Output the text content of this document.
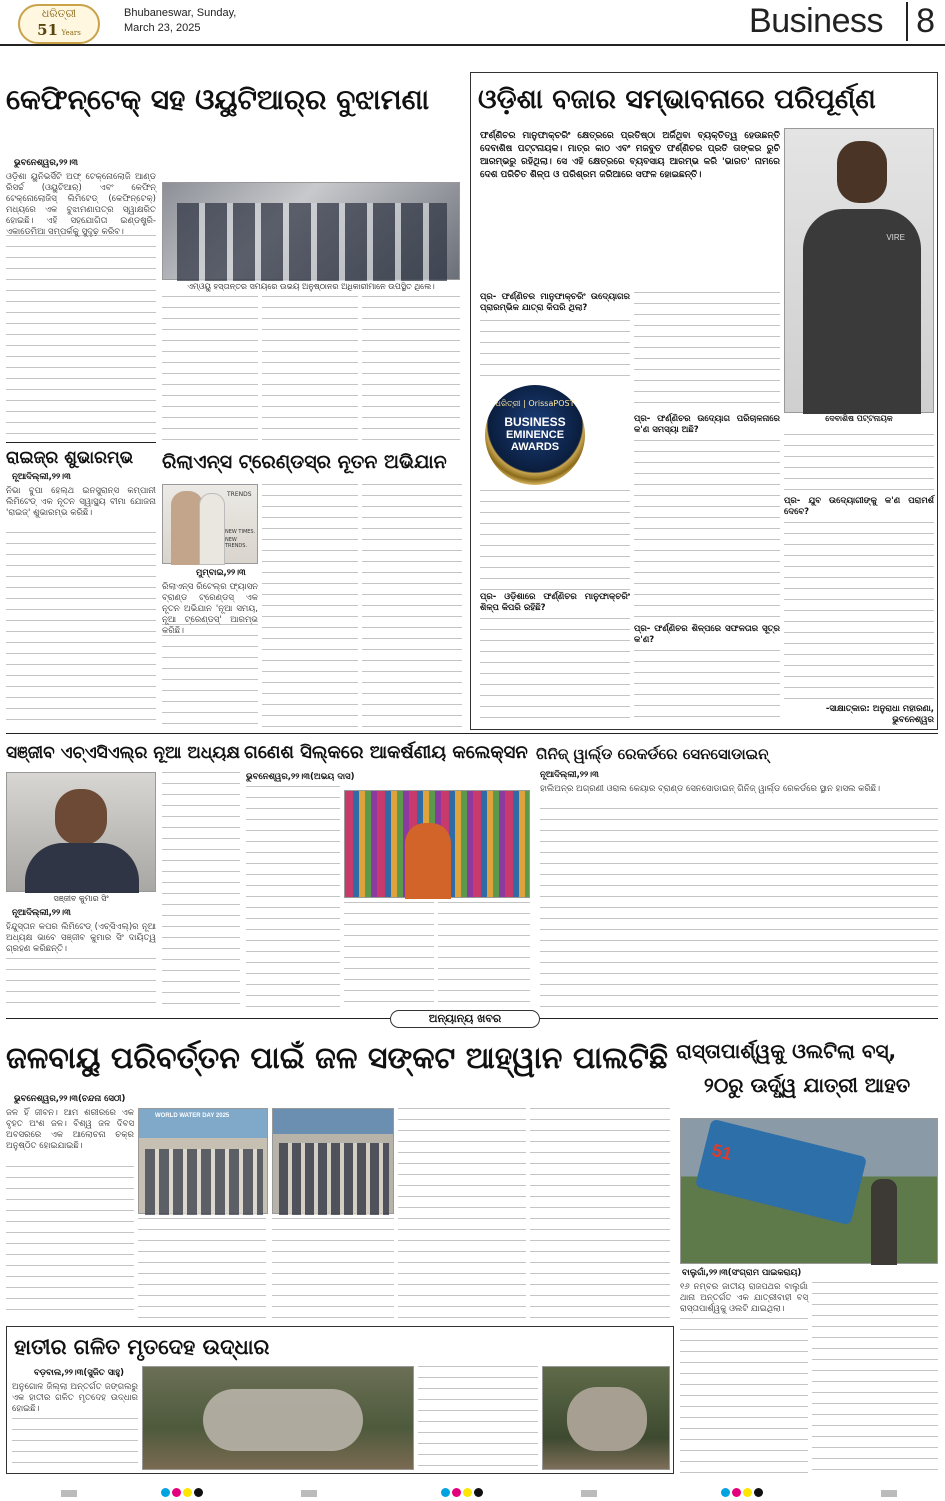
ଧରିତ୍ରୀ
51 Years
Bhubaneswar, Sunday,
March 23, 2025	Business 8
କେଫିନ୍‌ଟେକ୍‌ ସହ ଓୟୁଟିଆର୍‌ର ବୁଝାମଣା
ଭୁବନେଶ୍ୱର,୨୨।୩
ଓଡ଼ିଶା ୟୁନିଭର୍ସିଟି ଅଫ୍‌ ଟେକ୍ନୋଲୋଜି ଆଣ୍ଡ ରିସର୍ଚ୍ଚ (ଓୟୁଟିଆର୍‌) ଏବଂ କେଫିନ୍‌ ଟେକ୍ନୋଲୋଜିସ୍‌ ଲିମିଟେଡ୍‌ (କେଫିନ୍‌ଟେକ୍‌) ମଧ୍ୟରେ ଏକ ବୁଝାମଣାପତ୍ର ସ୍ୱାକ୍ଷରିତ ହୋଇଛି। ଏହି ସହଯୋଗିତା ଇଣ୍ଡଷ୍ଟ୍ରି-ଏକାଡେମିଆ ସମ୍ପର୍କକୁ ସୁଦୃଢ଼ କରିବ।
ଏମ୍‌ଓୟୁ ହସ୍ତାନ୍ତର ସମୟରେ ଉଭୟ ଅନୁଷ୍ଠାନର ଅଧିକାରୀମାନେ ଉପସ୍ଥିତ ଥିଲେ।
ଓଡ଼ିଶା ବଜାର ସମ୍ଭାବନାରେ ପରିପୂର୍ଣ୍ଣ
ଫର୍ଣ୍ଣିଚର ମାନୁଫାକ୍ଚରିଂ କ୍ଷେତ୍ରରେ ପ୍ରତିଷ୍ଠା ଅର୍ଜିଥିବା ବ୍ୟକ୍ତିତ୍ୱ ହେଉଛନ୍ତି ଦେବାଶିଷ ପଟ୍ଟନାୟକ। ମାତ୍ର କାଠ ଏବଂ ମଜବୁତ ଫର୍ଣ୍ଣିଚର ପ୍ରତି ତାଙ୍କର ରୁଚି ଆରମ୍ଭରୁ ରହିଥିଲା। ସେ ଏହି କ୍ଷେତ୍ରରେ ବ୍ୟବସାୟ ଆରମ୍ଭ କରି 'ଭାରତ' ନାମରେ ଦେଶ ପରିଚିତ ଶିଳ୍ପ ଓ ପରିଶ୍ରମ ଜରିଆରେ ସଫଳ ହୋଇଛନ୍ତି।
VIRE
ଦେବାଶିଷ ପଟ୍ଟନାୟକ
ପ୍ର- ଫର୍ଣ୍ଣିଚର ମାନୁଫାକ୍ଚରିଂ ଉଦ୍ୟୋଗର ପ୍ରାରମ୍ଭିକ ଯାତ୍ରା କିପରି ଥିଲା?
ଧରିତ୍ରୀ | OrissaPOST
BUSINESS
EMINENCE
AWARDS
ପ୍ର- ଫର୍ଣ୍ଣିଚର ଉଦ୍ୟୋଗ ପରିଚାଳନାରେ କ'ଣ ସମସ୍ୟା ଅଛି?
ପ୍ର- ଓଡ଼ିଶାରେ ଫର୍ଣ୍ଣିଚର ମାନୁଫାକ୍ଚରିଂ ଶିଳ୍ପ କିପରି ରହିଛି?
ପ୍ର- ଫର୍ଣ୍ଣିଚର ଶିଳ୍ପରେ ସଫଳତାର ସୂତ୍ର କ'ଣ?
ପ୍ର- ଯୁବ ଉଦ୍ୟୋଗୀଙ୍କୁ କ'ଣ ପରାମର୍ଶ ଦେବେ?
-ସାକ୍ଷାତ୍‌କାର: ଅନୁରାଧା ମହାରଣା, ଭୁବନେଶ୍ୱର
ରାଇଜ୍‌ର ଶୁଭାରମ୍ଭ
ନୂଆଦିଲ୍ଲୀ,୨୨।୩
ନିଭା ବୁପା ହେଲ୍‌ଥ ଇନସୁରାନ୍ସ କମ୍ପାନୀ ଲିମିଟେଡ୍‌ ଏକ ନୂତନ ସ୍ୱାସ୍ଥ୍ୟ ବୀମା ଯୋଜନା 'ରାଇଜ୍‌' ଶୁଭାରମ୍ଭ କରିଛି।
ରିଲାଏନ୍ସ ଟ୍ରେଣ୍ଡସ୍‌ର ନୂତନ ଅଭିଯାନ
TRENDS
NEW TIMES.
NEW TRENDS.
ମୁମ୍ବାଇ,୨୨।୩
ରିଲାଏନ୍ସ ରିଟେଲ୍‌ର ଫ୍ୟାସନ ବ୍ରାଣ୍ଡ ଟ୍ରେଣ୍ଡସ୍‌ ଏକ ନୂତନ ଅଭିଯାନ 'ନୂଆ ସମୟ, ନୂଆ ଟ୍ରେଣ୍ଡସ୍‌' ଆରମ୍ଭ କରିଛି।
ସଞ୍ଜୀବ ଏଚ୍‌ଏସିଏଲ୍‌ର ନୂଆ ଅଧ୍ୟକ୍ଷ
ସଞ୍ଜୀବ କୁମାର ସିଂ
ନୂଆଦିଲ୍ଲୀ,୨୨।୩
ହିନ୍ଦୁସ୍ତାନ କପର ଲିମିଟେଡ୍‌ (ଏଚ୍‌ସିଏଲ୍‌)ର ନୂଆ ଅଧ୍ୟକ୍ଷ ଭାବେ ସଞ୍ଜୀବ କୁମାର ସିଂ ଦାୟିତ୍ୱ ଗ୍ରହଣ କରିଛନ୍ତି।
ଗଣେଶ ସିଲ୍କରେ ଆକର୍ଷଣୀୟ କଲେକ୍ସନ
ଭୁବନେଶ୍ୱର,୨୨।୩(ଅଭୟ ଦାସ)
ଗିନିଜ୍‌ ୱାର୍ଲ୍ଡ ରେକର୍ଡରେ ସେନସୋଡାଇନ୍‌
ନୂଆଦିଲ୍ଲୀ,୨୨।୩
ହାଲିଅନ୍‌ର ଅଗ୍ରଣୀ ଓରାଲ କେୟାର ବ୍ରାଣ୍ଡ ସେନସୋଡାଇନ୍‌ ଗିନିଜ୍‌ ୱାର୍ଲ୍ଡ ରେକର୍ଡରେ ସ୍ଥାନ ହାସଲ କରିଛି।
ଅନ୍ୟାନ୍ୟ ଖବର
ଜଳବାୟୁ ପରିବର୍ତ୍ତନ ପାଇଁ ଜଳ ସଙ୍କଟ ଆହ୍ୱାନ ପାଲଟିଛି
ଭୁବନେଶ୍ୱର,୨୨।୩(ଚନ୍ଦନା ସେଠୀ)
ଜଳ ହିଁ ଜୀବନ। ଆମ ଶରୀରରେ ଏକ ବୃହତ ଅଂଶ ଜଳ। ବିଶ୍ୱ ଜଳ ଦିବସ ଅବସରରେ ଏକ ଆଲୋଚନା ଚକ୍ର ଅନୁଷ୍ଠିତ ହୋଇଯାଇଛି।
WORLD WATER DAY 2025
ରାସ୍ତାପାର୍ଶ୍ୱକୁ ଓଲଟିଲା ବସ୍‌,
୨୦ରୁ ଊର୍ଦ୍ଧ୍ୱ ଯାତ୍ରୀ ଆହତ
51
ବାଲୁଗାଁ,୨୨।୩(ସଂଗ୍ରାମ ପାଇକରାୟ)
୧୬ ନମ୍ବର ଜାତୀୟ ରାଜପଥର ବାଲୁଗାଁ ଥାନା ଅନ୍ତର୍ଗତ ଏକ ଯାତ୍ରୀବାହୀ ବସ୍‌ ରାସ୍ତାପାର୍ଶ୍ୱକୁ ଓଲଟି ଯାଇଥିଲା।
ହାତୀର ଗଳିତ ମୃତଦେହ ଉଦ୍ଧାର
ବଡ଼ବାଲ,୨୨।୩(ସୁଜିତ ସାହୁ)
ଅନୁଗୋଳ ଜିଲ୍ଲା ଅନ୍ତର୍ଗତ ଜଙ୍ଗଲରୁ ଏକ ହାତୀର ଗଳିତ ମୃତଦେହ ଉଦ୍ଧାର ହୋଇଛି।
